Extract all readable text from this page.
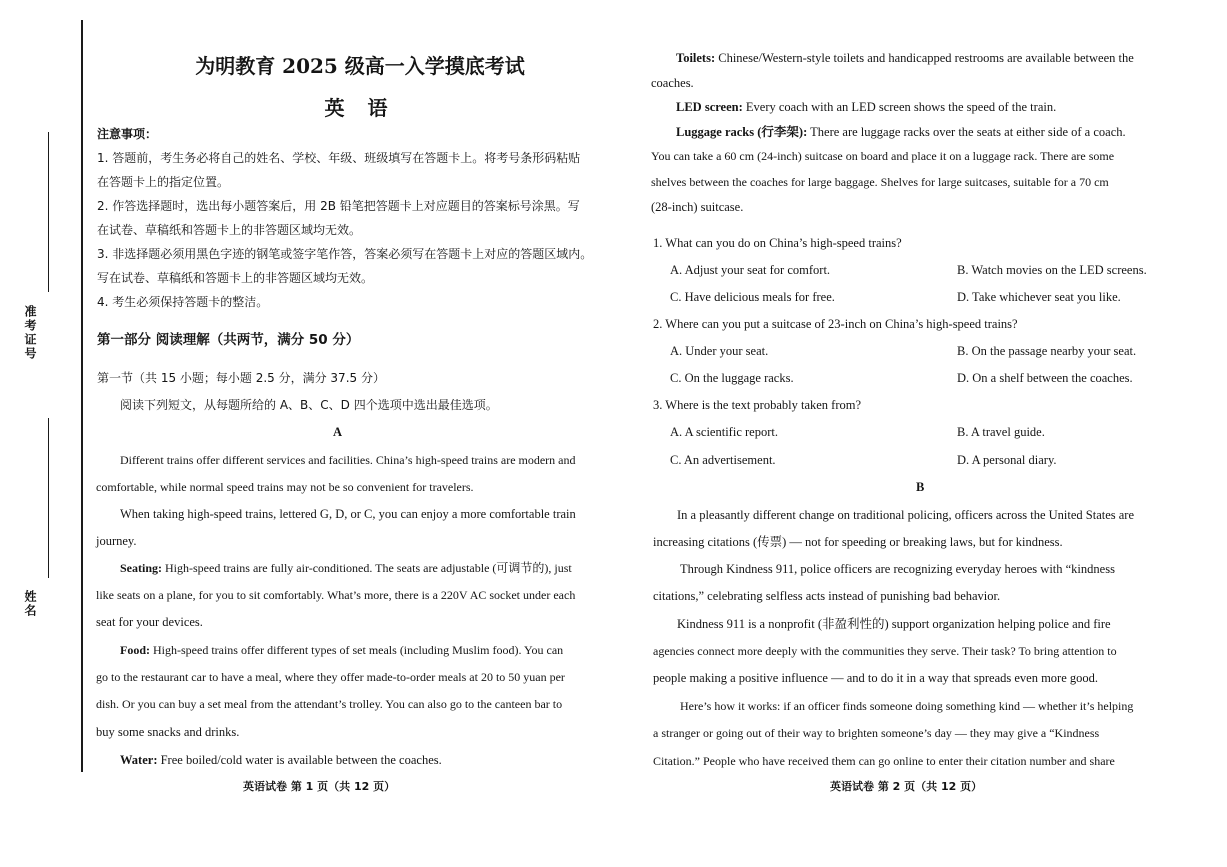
准考证号
姓名
为明教育 2025 级高一入学摸底考试
英 语
注意事项：
1. 答题前，考生务必将自己的姓名、学校、年级、班级填写在答题卡上。将考号条形码粘贴
在答题卡上的指定位置。
2. 作答选择题时，选出每小题答案后，用 2B 铅笔把答题卡上对应题目的答案标号涂黑。写
在试卷、草稿纸和答题卡上的非答题区域均无效。
3. 非选择题必须用黑色字迹的钢笔或签字笔作答，答案必须写在答题卡上对应的答题区域内。
写在试卷、草稿纸和答题卡上的非答题区域均无效。
4. 考生必须保持答题卡的整洁。
第一部分 阅读理解（共两节，满分 50 分）
第一节（共 15 小题；每小题 2.5 分，满分 37.5 分）
阅读下列短文，从每题所给的 A、B、C、D 四个选项中选出最佳选项。
A
Different trains offer different services and facilities. China’s high-speed trains are modern and
comfortable, while normal speed trains may not be so convenient for travelers.
When taking high-speed trains, lettered G, D, or C, you can enjoy a more comfortable train
journey.
Seating: High-speed trains are fully air-conditioned. The seats are adjustable (可调节的), just
like seats on a plane, for you to sit comfortably. What’s more, there is a 220V AC socket under each
seat for your devices.
Food: High-speed trains offer different types of set meals (including Muslim food). You can
go to the restaurant car to have a meal, where they offer made-to-order meals at 20 to 50 yuan per
dish. Or you can buy a set meal from the attendant’s trolley. You can also go to the canteen bar to
buy some snacks and drinks.
Water: Free boiled/cold water is available between the coaches.
英语试卷 第 1 页（共 12 页）
Toilets: Chinese/Western-style toilets and handicapped restrooms are available between the
coaches.
LED screen: Every coach with an LED screen shows the speed of the train.
Luggage racks (行李架): There are luggage racks over the seats at either side of a coach.
You can take a 60 cm (24-inch) suitcase on board and place it on a luggage rack. There are some
shelves between the coaches for large baggage. Shelves for large suitcases, suitable for a 70 cm
(28-inch) suitcase.
1. What can you do on China’s high-speed trains?
A. Adjust your seat for comfort.	B. Watch movies on the LED screens.
C. Have delicious meals for free.	D. Take whichever seat you like.
2. Where can you put a suitcase of 23-inch on China’s high-speed trains?
A. Under your seat.	B. On the passage nearby your seat.
C. On the luggage racks.	D. On a shelf between the coaches.
3. Where is the text probably taken from?
A. A scientific report.	B. A travel guide.
C. An advertisement.	D. A personal diary.
B
In a pleasantly different change on traditional policing, officers across the United States are
increasing citations (传票) — not for speeding or breaking laws, but for kindness.
Through Kindness 911, police officers are recognizing everyday heroes with “kindness
citations,” celebrating selfless acts instead of punishing bad behavior.
Kindness 911 is a nonprofit (非盈利性的) support organization helping police and fire
agencies connect more deeply with the communities they serve. Their task? To bring attention to
people making a positive influence — and to do it in a way that spreads even more good.
Here’s how it works: if an officer finds someone doing something kind — whether it’s helping
a stranger or going out of their way to brighten someone’s day — they may give a “Kindness
Citation.” People who have received them can go online to enter their citation number and share
英语试卷 第 2 页（共 12 页）
